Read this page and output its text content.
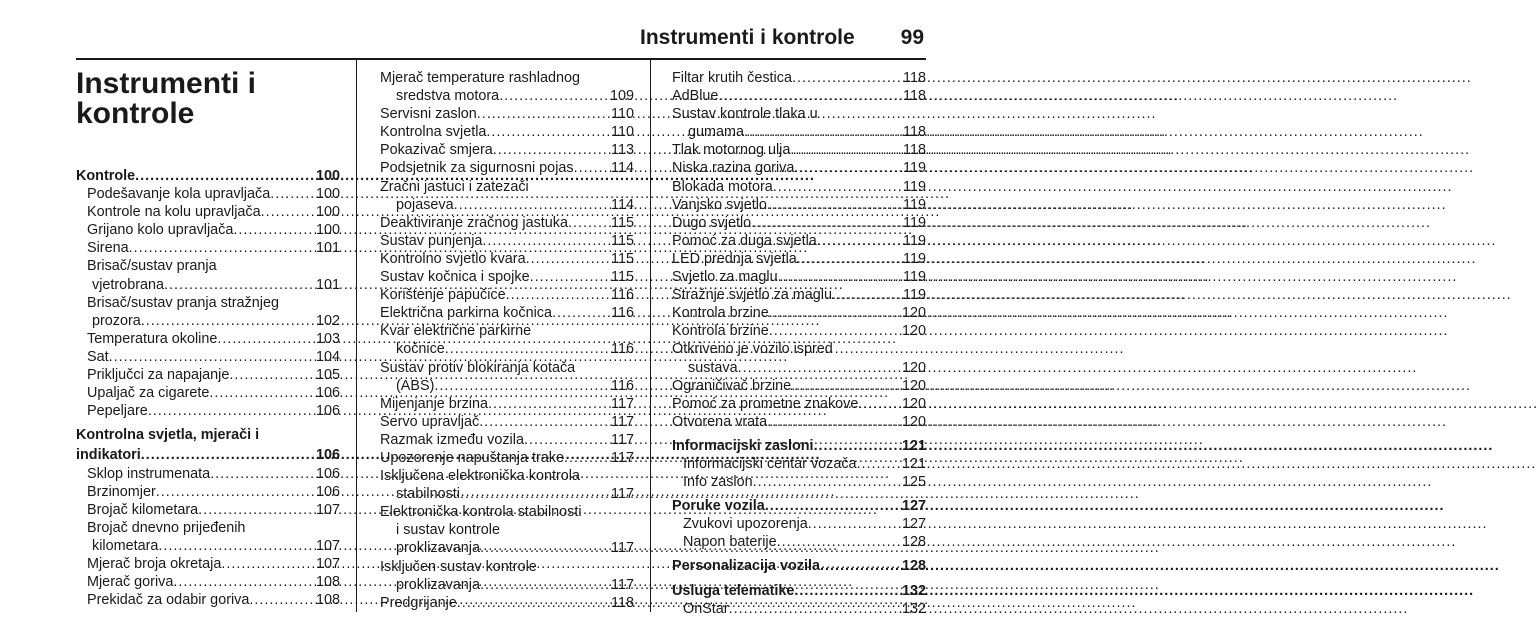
Instrumenti i kontrole 99
Instrumenti i
kontrole
Kontrole .....	100
Podešavanje kola upravljača .....	100
Kontrole na kolu upravljača .....	100
Grijano kolo upravljača .....	100
Sirena .....	101
Brisač/sustav pranja
vjetrobrana .....	101
Brisač/sustav pranja stražnjeg
prozora .....	102
Temperatura okoline .....	103
Sat .....	104
Priključci za napajanje .....	105
Upaljač za cigarete .....	106
Pepeljare .....	106
Kontrolna svjetla, mjerači i
indikatori .....	106
Sklop instrumenata .....	106
Brzinomjer .....	106
Brojač kilometara .....	107
Brojač dnevno prijeđenih
kilometara .....	107
Mjerač broja okretaja .....	107
Mjerač goriva .....	108
Prekidač za odabir goriva .....	108
Mjerač temperature rashladnog
sredstva motora .....	109
Servisni zaslon .....	110
Kontrolna svjetla .....	110
Pokazivač smjera .....	113
Podsjetnik za sigurnosni pojas .....	114
Zračni jastuci i zatezači
pojaseva .....	114
Deaktiviranje zračnog jastuka .....	115
Sustav punjenja .....	115
Kontrolno svjetlo kvara .....	115
Sustav kočnica i spojke .....	115
Korištenje papučice .....	116
Električna parkirna kočnica .....	116
Kvar električne parkirne
kočnice .....	116
Sustav protiv blokiranja kotača
(ABS) .....	116
Mijenjanje brzina .....	117
Servo upravljač .....	117
Razmak između vozila .....	117
Upozorenje napuštanja trake .....	117
Isključena elektronička kontrola
stabilnosti .....	117
Elektronička kontrola stabilnosti
i sustav kontrole
proklizavanja .....	117
Isključen sustav kontrole
proklizavanja .....	117
Predgrijanje .....	118
Filtar krutih čestica .....	118
AdBlue .....	118
Sustav kontrole tlaka u
gumama .....	118
Tlak motornog ulja .....	118
Niska razina goriva .....	119
Blokada motora .....	119
Vanjsko svjetlo .....	119
Dugo svjetlo .....	119
Pomoć za duga svjetla .....	119
LED prednja svjetla .....	119
Svjetlo za maglu .....	119
Stražnje svjetlo za maglu .....	119
Kontrola brzine .....	120
Kontrola brzine .....	120
Otkriveno je vozilo ispred
sustava .....	120
Ograničivač brzine .....	120
Pomoć za prometne znakove .....	120
Otvorena vrata .....	120
Informacijski zasloni .....	121
Informacijski centar vozača .....	121
Info zaslon .....	125
Poruke vozila .....	127
Zvukovi upozorenja .....	127
Napon baterije .....	128
Personalizacija vozila .....	128
Usluga telematike .....	132
OnStar .....	132
